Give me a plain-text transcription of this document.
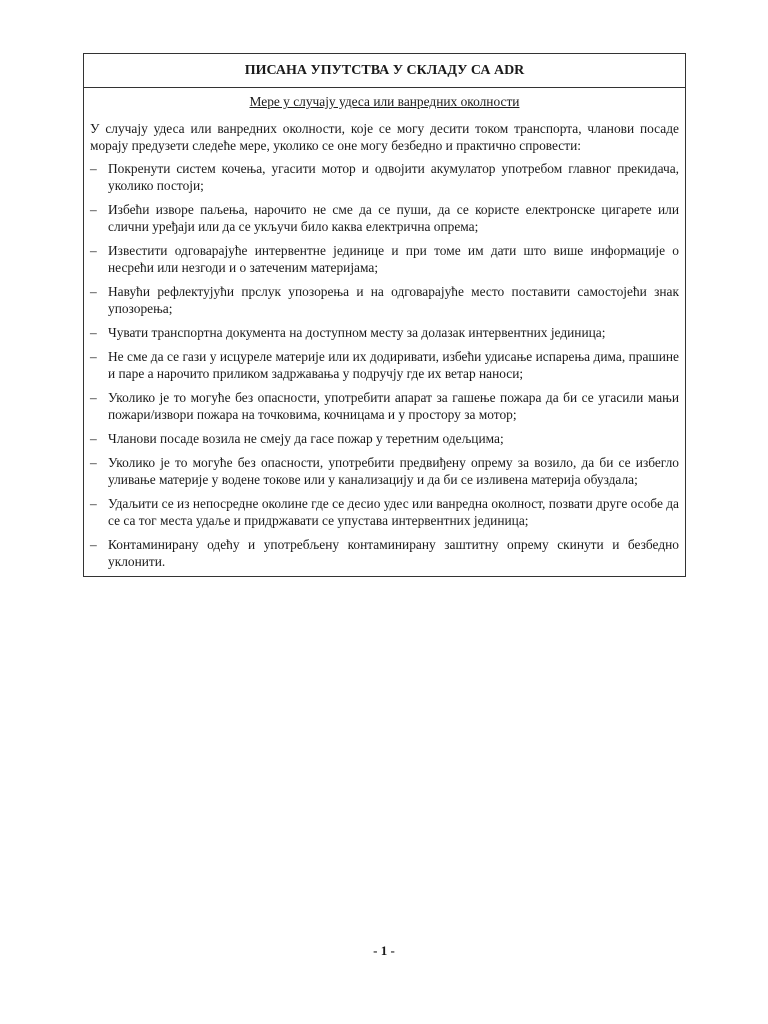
ПИСАНА УПУТСТВА У СКЛАДУ СА ADR
Мере у случају удеса или ванредних околности
У случају удеса или ванредних околности, које се могу десити током транспорта, чланови посаде морају предузети следеће мере, уколико се оне могу безбедно и практично спровести:
– Покренути систем кочења, угасити мотор и одвојити акумулатор употребом главног прекидача, уколико постоји;
– Избећи изворе паљења, нарочито не сме да се пуши, да се користе електронске цигарете или слични уређаји или да се укључи било каква електрична опрема;
– Известити одговарајуће интервентне јединице и при томе им дати што више информације о несрећи или незгоди и о затеченим материјама;
– Навући рефлектујући прслук упозорења и на одговарајуће место поставити самостојећи знак упозорења;
– Чувати транспортна документа на доступном месту за долазак интервентних јединица;
– Не сме да се гази у исцуреле материје или их додиривати, избећи удисање испарења дима, прашине и паре а нарочито приликом задржавања у подручју где их ветар наноси;
– Уколико је то могуће без опасности, употребити апарат за гашење пожара да би се угасили мањи пожари/извори пожара на точковима, кочницама и у простору за мотор;
– Чланови посаде возила не смеју да гасе пожар у теретним одељцима;
– Уколико је то могуће без опасности, употребити предвиђену опрему за возило, да би се избегло уливање материје у водене токове или у канализацију и да би се изливена материја обуздала;
– Удаљити се из непосредне околине где се десио удес или ванредна околност, позвати друге особе да се са тог места удаље и придржавати се упуставa интервентних јединица;
– Контаминирану одећу и употребљену контаминирану заштитну опрему скинути и безбедно уклонити.
- 1 -
